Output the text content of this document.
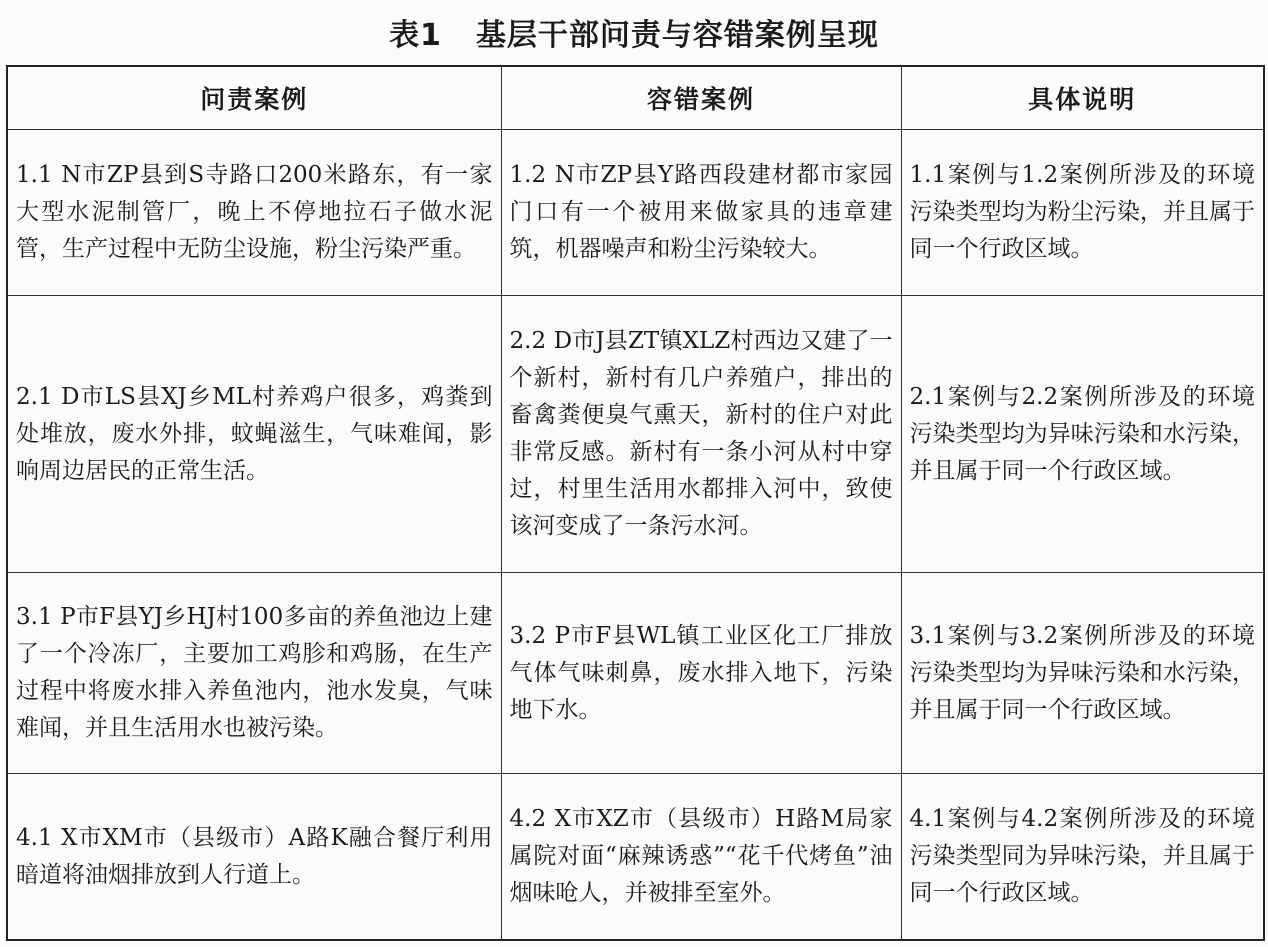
表1 基层干部问责与容错案例呈现
问责案例	容错案例	具体说明
1.1 N市ZP县到S寺路口200米路东，有一家大型水泥制管厂，晚上不停地拉石子做水泥管，生产过程中无防尘设施，粉尘污染严重。	1.2 N市ZP县Y路西段建材都市家园门口有一个被用来做家具的违章建筑，机器噪声和粉尘污染较大。	1.1案例与1.2案例所涉及的环境污染类型均为粉尘污染，并且属于同一个行政区域。
2.1 D市LS县XJ乡ML村养鸡户很多，鸡粪到处堆放，废水外排，蚊蝇滋生，气味难闻，影响周边居民的正常生活。	2.2 D市J县ZT镇XLZ村西边又建了一个新村，新村有几户养殖户，排出的畜禽粪便臭气熏天，新村的住户对此非常反感。新村有一条小河从村中穿过，村里生活用水都排入河中，致使该河变成了一条污水河。	2.1案例与2.2案例所涉及的环境污染类型均为异味污染和水污染，并且属于同一个行政区域。
3.1 P市F县YJ乡HJ村100多亩的养鱼池边上建了一个冷冻厂，主要加工鸡胗和鸡肠，在生产过程中将废水排入养鱼池内，池水发臭，气味难闻，并且生活用水也被污染。	3.2 P市F县WL镇工业区化工厂排放气体气味刺鼻，废水排入地下，污染地下水。	3.1案例与3.2案例所涉及的环境污染类型均为异味污染和水污染，并且属于同一个行政区域。
4.1 X市XM市（县级市）A路K融合餐厅利用暗道将油烟排放到人行道上。	4.2 X市XZ市（县级市）H路M局家属院对面“麻辣诱惑”“花千代烤鱼”油烟味呛人，并被排至室外。	4.1案例与4.2案例所涉及的环境污染类型同为异味污染，并且属于同一个行政区域。
